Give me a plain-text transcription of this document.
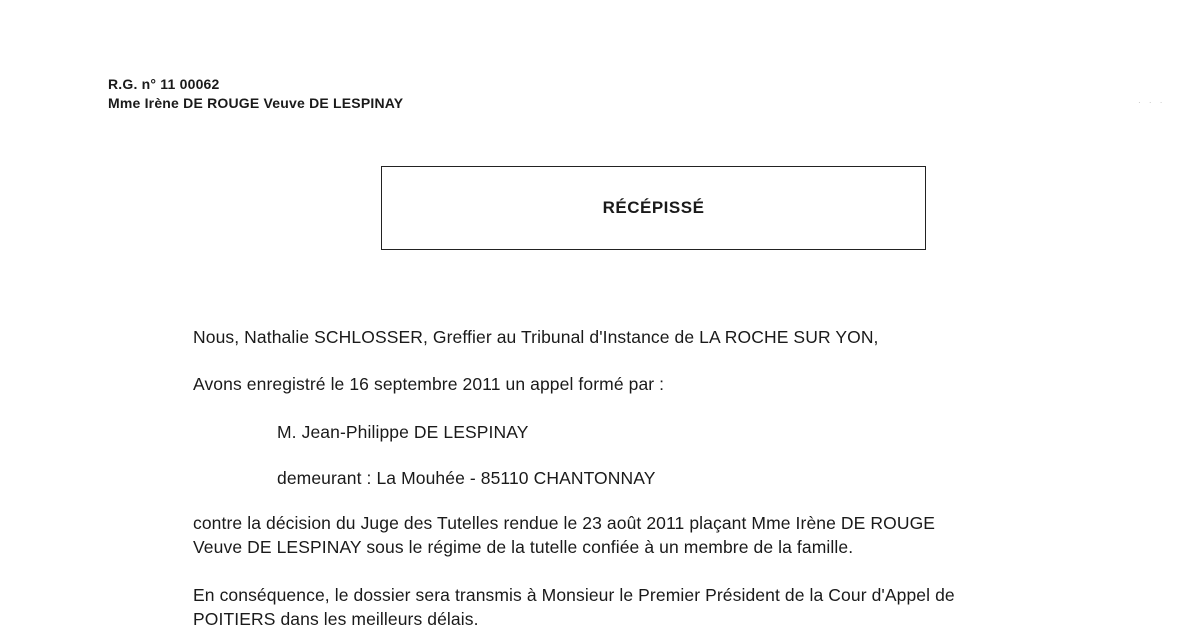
R.G. n° 11 00062
Mme Irène DE ROUGE Veuve DE LESPINAY	· · ·
RÉCÉPISSÉ
Nous, Nathalie SCHLOSSER, Greffier au Tribunal d'Instance de LA ROCHE SUR YON,
Avons enregistré le 16 septembre 2011 un appel formé par :
M. Jean-Philippe DE LESPINAY
demeurant : La Mouhée - 85110 CHANTONNAY
contre la décision du Juge des Tutelles rendue le 23 août 2011 plaçant Mme Irène DE ROUGE
Veuve DE LESPINAY sous le régime de la tutelle confiée à un membre de la famille.
En conséquence, le dossier sera transmis à Monsieur le Premier Président de la Cour d'Appel de
POITIERS dans les meilleurs délais.
